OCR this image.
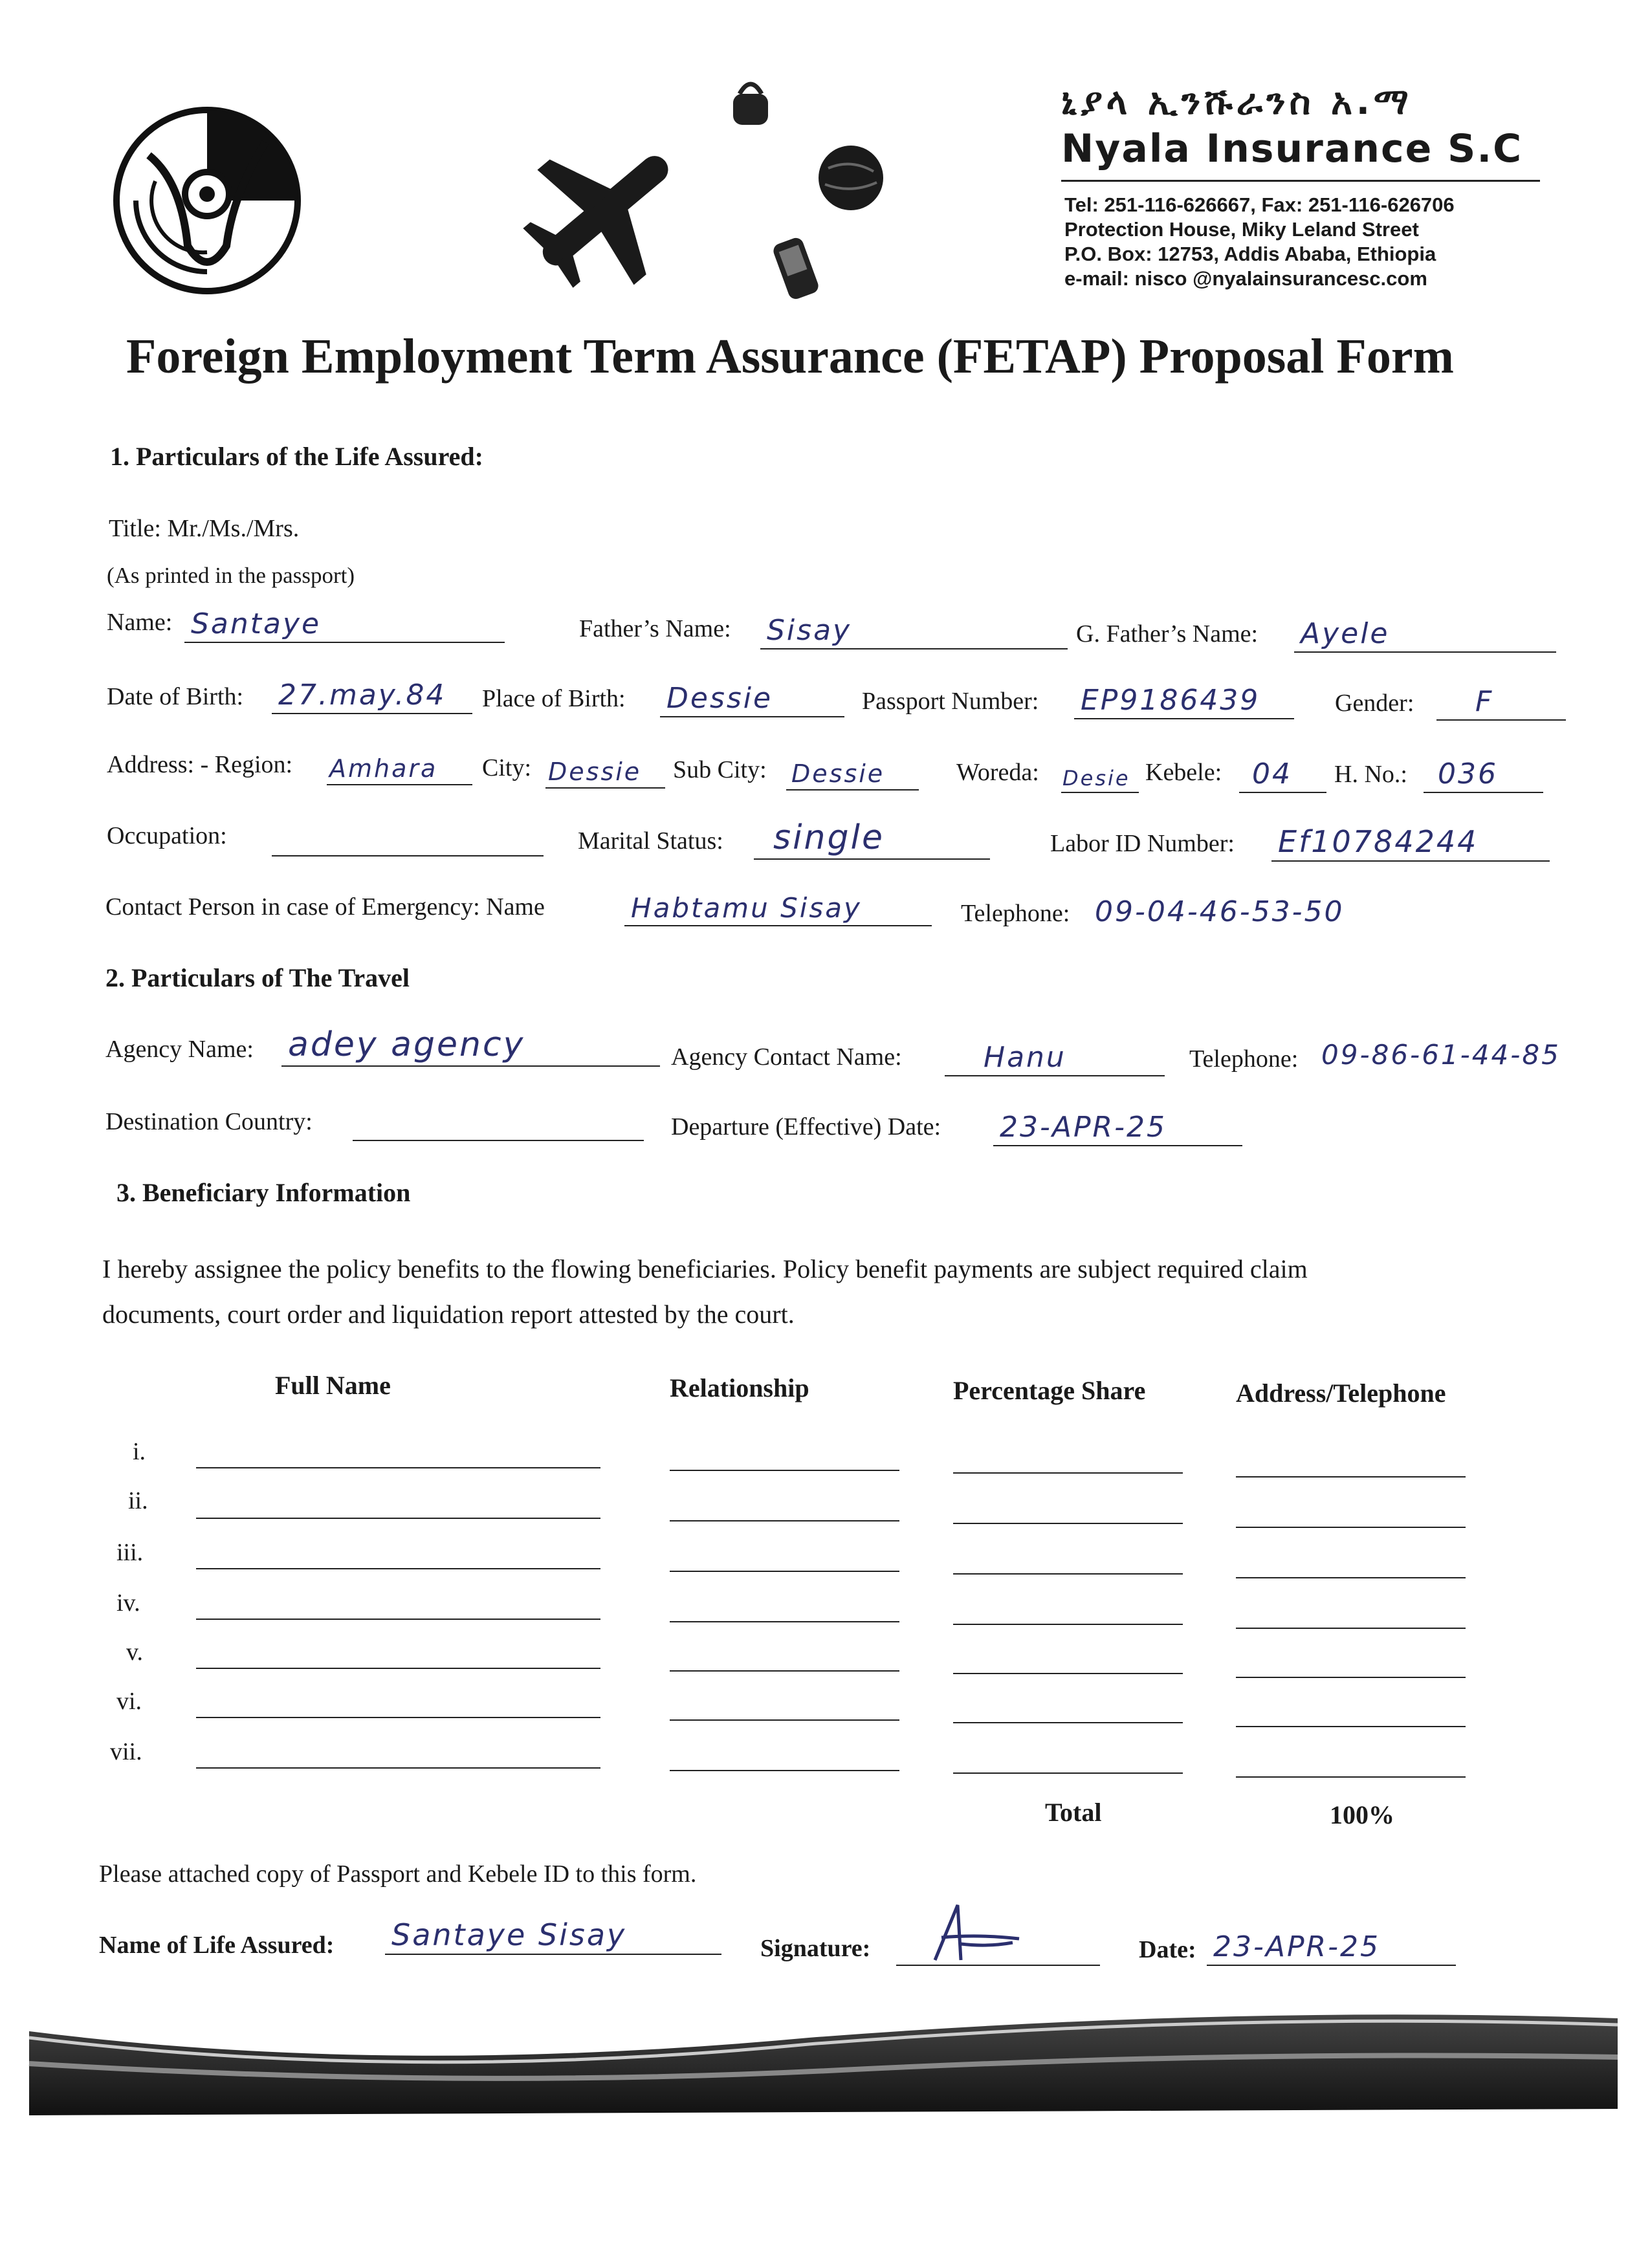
ኒያላ ኢንሹራንስ አ.ማ
Nyala Insurance S.C
Tel: 251-116-626667, Fax: 251-116-626706
Protection House, Miky Leland Street
P.O. Box: 12753, Addis Ababa, Ethiopia
e-mail: nisco @nyalainsurancesc.com
Foreign Employment Term Assurance (FETAP) Proposal Form
1. Particulars of the Life Assured:
Title: Mr./Ms./Mrs.
(As printed in the passport)
Name: Santaye	Father’s Name: Sisay	G. Father’s Name: Ayele
Date of Birth: 27.may.84 Place of Birth: Dessie	Passport Number: EP9186439	Gender: F
Address: - Region: Amhara City: Dessie Sub City: Dessie	Woreda: Desie Kebele: 04 H. No.: 036
Occupation:	Marital Status: single	Labor ID Number: Ef10784244
Contact Person in case of Emergency: Name	Habtamu Sisay	Telephone: 09-04-46-53-50
2. Particulars of The Travel
Agency Name: adey agency	Agency Contact Name:	Hanu	Telephone: 09-86-61-44-85
Destination Country:	Departure (Effective) Date: 23-APR-25
3. Beneficiary Information
I hereby assignee the policy benefits to the flowing beneficiaries. Policy benefit payments are subject required claim
documents, court order and liquidation report attested by the court.
Full Name	Relationship	Percentage Share	Address/Telephone
i.
ii.
iii.
iv.
v.
vi.
vii.
Total	100%
Please attached copy of Passport and Kebele ID to this form.
Name of Life Assured: Santaye Sisay	Signature:	Date: 23-APR-25
